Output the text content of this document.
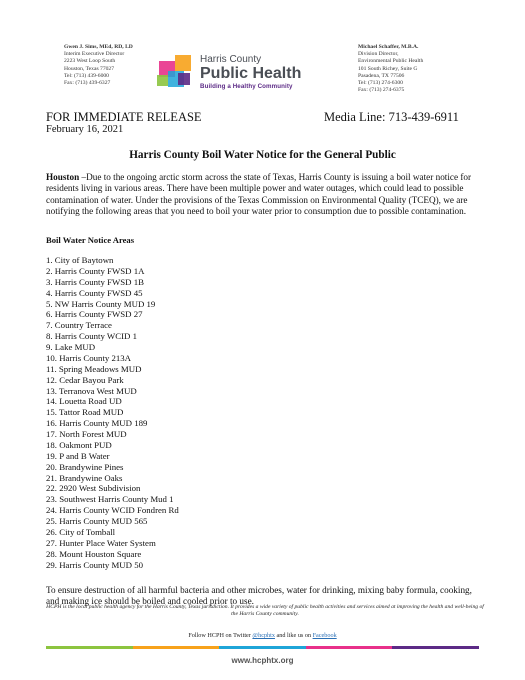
Gwen J. Sims, MEd, RD, LD
Interim Executive Director
2223 West Loop South
Houston, Texas 77027
Tel: (713) 439-6000
Fax: (713) 439-6327
Harris County
Public Health
Building a Healthy Community
Michael Schaffer, M.B.A.
Division Director,
Environmental Public Health
101 South Richey, Suite G
Pasadena, TX 77506
Tel: (713) 274-6300
Fax: (713) 274-6375
FOR IMMEDIATE RELEASE
February 16, 2021
Media Line: 713-439-6911
Harris County Boil Water Notice for the General Public

Houston –Due to the ongoing arctic storm across the state of Texas, Harris County is issuing a boil water notice for residents living in various areas. There have been multiple power and water outages, which could lead to possible contamination of water. Under the provisions of the Texas Commission on Environmental Quality (TCEQ), we are notifying the following areas that you need to boil your water prior to consumption due to possible contamination.

Boil Water Notice Areas
1. City of Baytown
2. Harris County FWSD 1A
3. Harris County FWSD 1B
4. Harris County FWSD 45
5. NW Harris County MUD 19
6. Harris County FWSD 27
7. Country Terrace
8. Harris County WCID 1
9. Lake MUD
10. Harris County 213A
11. Spring Meadows MUD
12. Cedar Bayou Park
13. Terranova West MUD
14. Louetta Road UD
15. Tattor Road MUD
16. Harris County MUD 189
17. North Forest MUD
18. Oakmont PUD
19. P and B Water
20. Brandywine Pines
21. Brandywine Oaks
22. 2920 West Subdivision
23. Southwest Harris County Mud 1
24. Harris County WCID Fondren Rd
25. Harris County MUD 565
26. City of Tomball
27. Hunter Place Water System
28. Mount Houston Square
29. Harris County MUD 50

To ensure destruction of all harmful bacteria and other microbes, water for drinking, mixing baby formula, cooking, and making ice should be boiled and cooled prior to use.

HCPH is the local public health agency for the Harris County, Texas jurisdiction. It provides a wide variety of public health activities and services aimed at improving the health and well-being of the Harris County community.

Follow HCPH on Twitter @hcphtx and like us on Facebook
www.hcphtx.org
